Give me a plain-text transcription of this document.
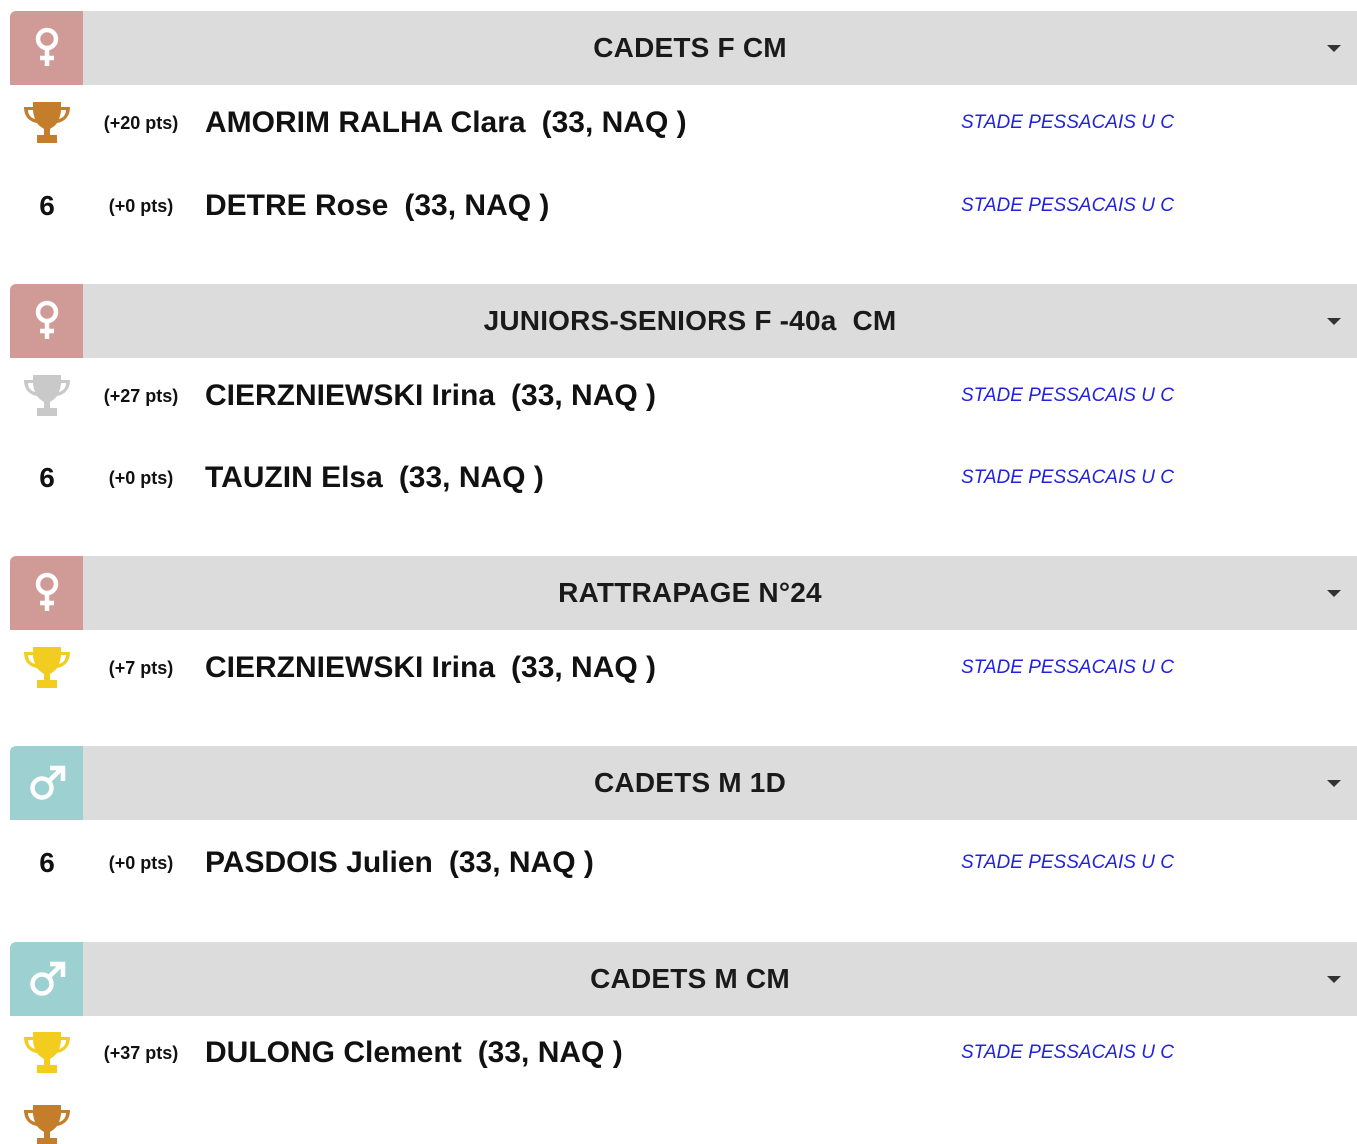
CADETS F CM
(+20 pts) AMORIM RALHA Clara (33, NAQ )	STADE PESSACAIS U C
6	(+0 pts)	DETRE Rose (33, NAQ )	STADE PESSACAIS U C
JUNIORS-SENIORS F -40a  CM
(+27 pts) CIERZNIEWSKI Irina (33, NAQ )	STADE PESSACAIS U C
6	(+0 pts)	TAUZIN Elsa (33, NAQ )	STADE PESSACAIS U C
RATTRAPAGE N°24
(+7 pts)	CIERZNIEWSKI Irina (33, NAQ )	STADE PESSACAIS U C
CADETS M 1D
6	(+0 pts)	PASDOIS Julien (33, NAQ )	STADE PESSACAIS U C
CADETS M CM
(+37 pts) DULONG Clement (33, NAQ )	STADE PESSACAIS U C
